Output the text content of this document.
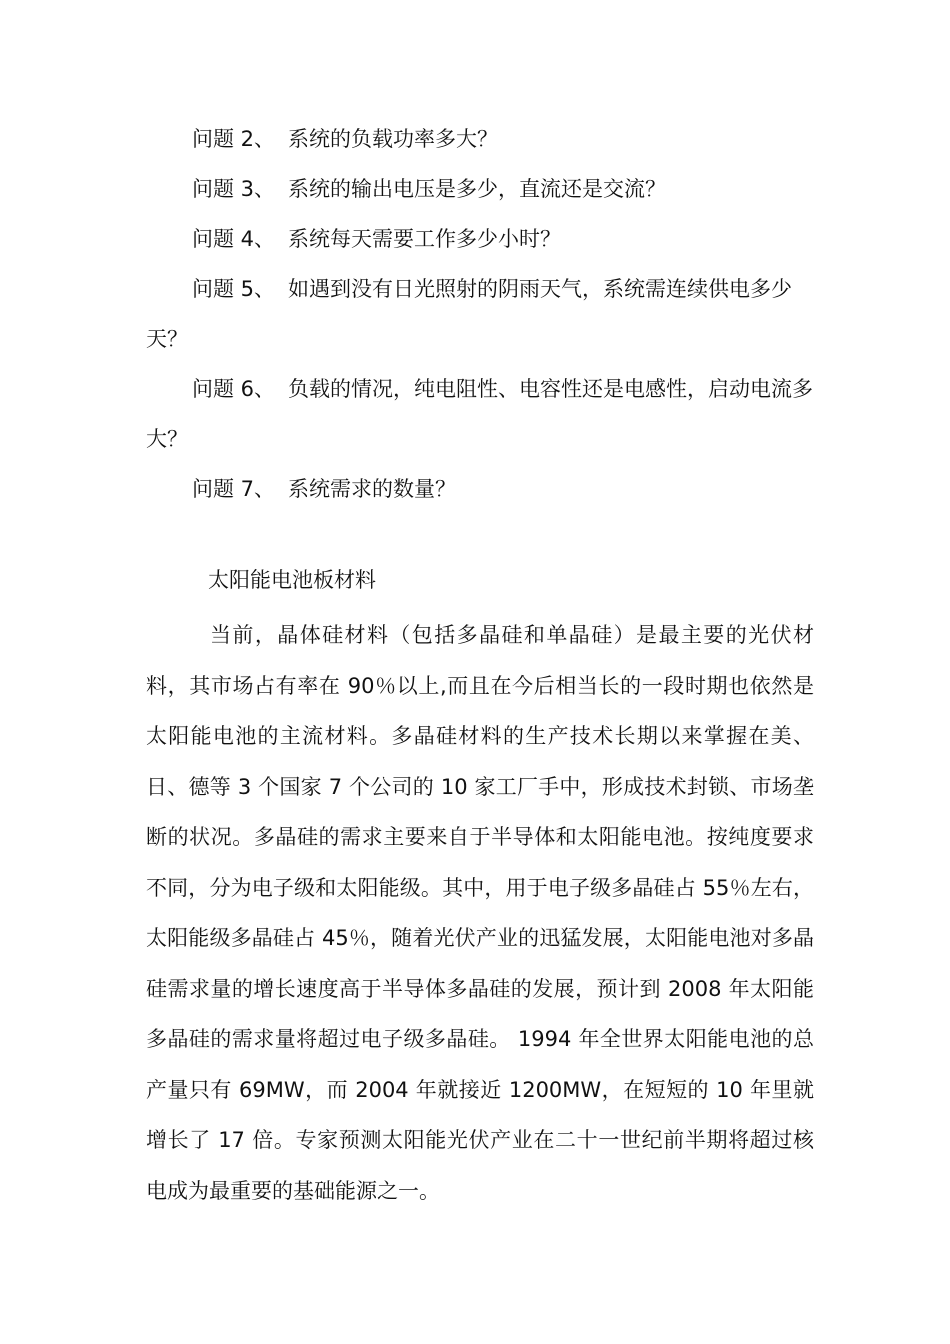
问题 2、 系统的负载功率多大？

问题 3、 系统的输出电压是多少，直流还是交流？

问题 4、 系统每天需要工作多少小时？

问题 5、 如遇到没有日光照射的阴雨天气，系统需连续供电多少天？

问题 6、 负载的情况，纯电阻性、电容性还是电感性，启动电流多大？

问题 7、 系统需求的数量？

太阳能电池板材料

当前，晶体硅材料（包括多晶硅和单晶硅）是最主要的光伏材料，其市场占有率在 90％以上,而且在今后相当长的一段时期也依然是太阳能电池的主流材料。多晶硅材料的生产技术长期以来掌握在美、日、德等 3 个国家 7 个公司的 10 家工厂手中，形成技术封锁、市场垄断的状况。多晶硅的需求主要来自于半导体和太阳能电池。按纯度要求不同，分为电子级和太阳能级。其中，用于电子级多晶硅占 55％左右，太阳能级多晶硅占 45％，随着光伏产业的迅猛发展，太阳能电池对多晶硅需求量的增长速度高于半导体多晶硅的发展，预计到 2008 年太阳能多晶硅的需求量将超过电子级多晶硅。 1994 年全世界太阳能电池的总产量只有 69MW，而 2004 年就接近 1200MW，在短短的 10 年里就增长了 17 倍。专家预测太阳能光伏产业在二十一世纪前半期将超过核电成为最重要的基础能源之一。
